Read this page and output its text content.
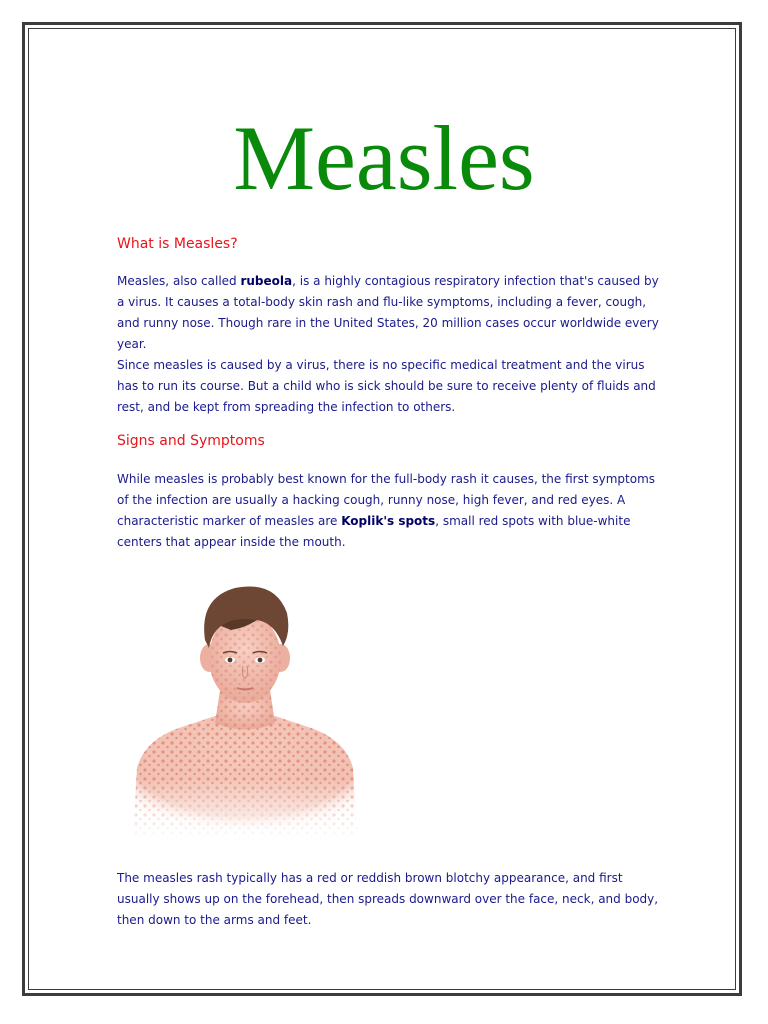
Measles
What is Measles?

Measles, also called rubeola, is a highly contagious respiratory infection that's caused by a virus. It causes a total-body skin rash and flu-like symptoms, including a fever, cough, and runny nose. Though rare in the United States, 20 million cases occur worldwide every year.

Since measles is caused by a virus, there is no specific medical treatment and the virus has to run its course. But a child who is sick should be sure to receive plenty of fluids and rest, and be kept from spreading the infection to others.

Signs and Symptoms

While measles is probably best known for the full-body rash it causes, the first symptoms of the infection are usually a hacking cough, runny nose, high fever, and red eyes. A characteristic marker of measles are Koplik's spots, small red spots with blue-white centers that appear inside the mouth.

The measles rash typically has a red or reddish brown blotchy appearance, and first usually shows up on the forehead, then spreads downward over the face, neck, and body, then down to the arms and feet.
